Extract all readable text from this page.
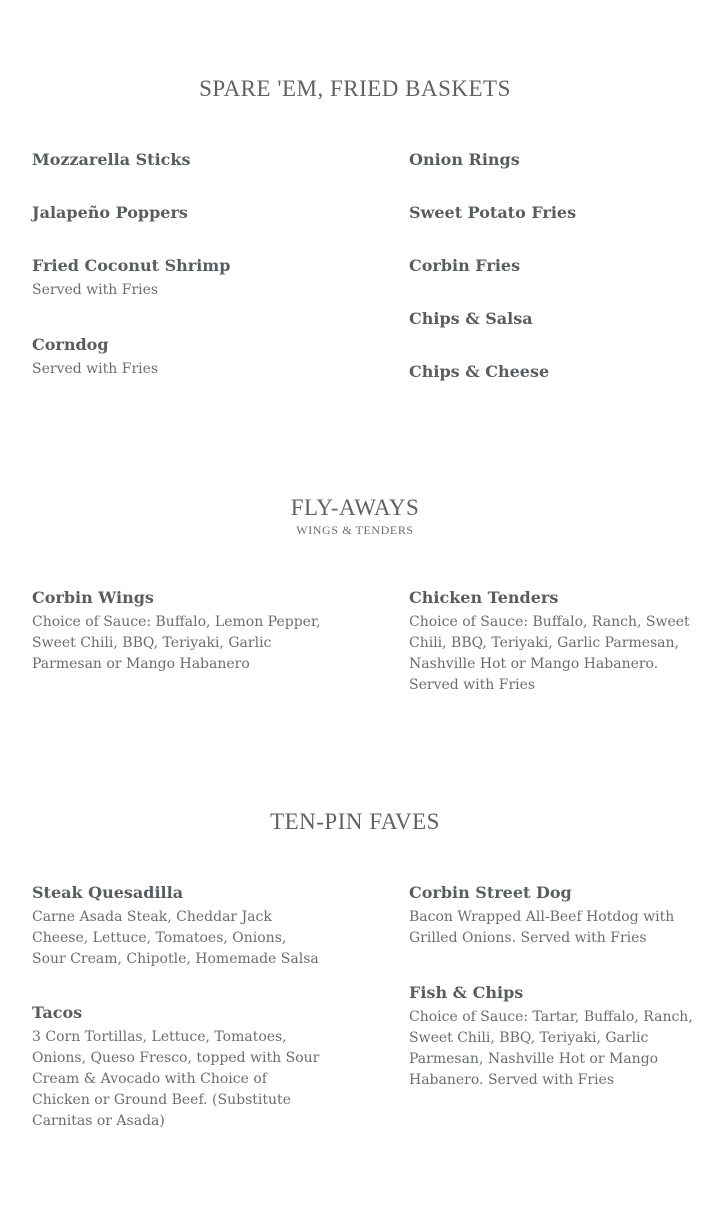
SPARE 'EM, FRIED BASKETS
Mozzarella Sticks
Jalapeño Poppers
Fried Coconut Shrimp
Served with Fries
Corndog
Served with Fries
Onion Rings
Sweet Potato Fries
Corbin Fries
Chips & Salsa
Chips & Cheese
FLY-AWAYS
WINGS & TENDERS
Corbin Wings
Choice of Sauce: Buffalo, Lemon Pepper, Sweet Chili, BBQ, Teriyaki, Garlic Parmesan or Mango Habanero
Chicken Tenders
Choice of Sauce: Buffalo, Ranch, Sweet Chili, BBQ, Teriyaki, Garlic Parmesan, Nashville Hot or Mango Habanero. Served with Fries
TEN-PIN FAVES
Steak Quesadilla
Carne Asada Steak, Cheddar Jack Cheese, Lettuce, Tomatoes, Onions, Sour Cream, Chipotle, Homemade Salsa
Tacos
3 Corn Tortillas, Lettuce, Tomatoes, Onions, Queso Fresco, topped with Sour Cream & Avocado with Choice of Chicken or Ground Beef. (Substitute Carnitas or Asada)
Corbin Street Dog
Bacon Wrapped All-Beef Hotdog with Grilled Onions. Served with Fries
Fish & Chips
Choice of Sauce: Tartar, Buffalo, Ranch, Sweet Chili, BBQ, Teriyaki, Garlic Parmesan, Nashville Hot or Mango Habanero. Served with Fries
